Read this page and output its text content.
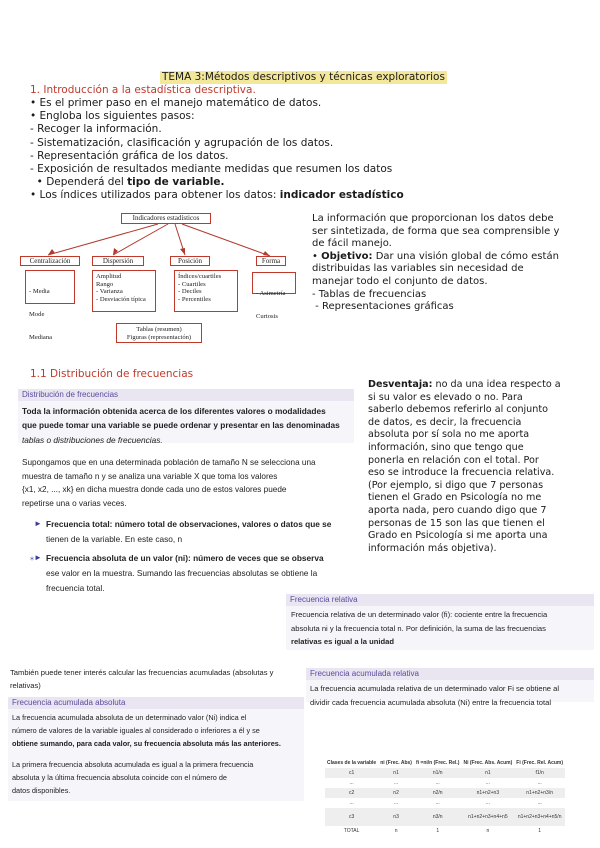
TEMA 3:Métodos descriptivos y técnicas exploratorios
1. Introducción a la estadística descriptiva.
• Es el primer paso en el manejo matemático de datos.
• Engloba los siguientes pasos:
- Recoger la información.
- Sistematización, clasificación y agrupación de los datos.
- Representación gráfica de los datos.
- Exposición de resultados mediante medidas que resumen los datos
• Dependerá del tipo de variable.
• Los índices utilizados para obtener los datos: indicador estadístico
Indicadores estadísticos
Centralización	Dispersión	Posición	Forma

- Media

Mode

Mediana

Amplitud
Rango
- Varianza
- Desviación típica
Índices/cuartiles
- Cuartiles
- Deciles
- Percentiles

- Asimetría

Curtosis

Tablas (resumen)
Figuras (representación)
La información que proporcionan los datos debe
ser sintetizada, de forma que sea comprensible y
de fácil manejo.
• Objetivo: Dar una visión global de cómo están
distribuidas las variables sin necesidad de
manejar todo el conjunto de datos.
- Tablas de frecuencias
- Representaciones gráficas
1.1 Distribución de frecuencias
Distribución de frecuencias
Toda la información obtenida acerca de los diferentes valores o modalidades
que puede tomar una variable se puede ordenar y presentar en las denominadas
tablas o distribuciones de frecuencias.
Supongamos que en una determinada población de tamaño N se selecciona una
muestra de tamaño n y se analiza una variable X que toma los valores
{x1, x2, ..., xk} en dicha muestra donde cada uno de estos valores puede
repetirse una o varias veces.
► Frecuencia total: número total de observaciones, valores o datos que se
tienen de la variable. En este caso, n
⁎► Frecuencia absoluta de un valor (ni): número de veces que se observa
ese valor en la muestra. Sumando las frecuencias absolutas se obtiene la
frecuencia total.
Desventaja: no da una idea respecto a
si su valor es elevado o no. Para
saberlo debemos referirlo al conjunto
de datos, es decir, la frecuencia
absoluta por sí sola no me aporta
información, sino que tengo que
ponerla en relación con el total. Por
eso se introduce la frecuencia relativa.
(Por ejemplo, si digo que 7 personas
tienen el Grado en Psicología no me
aporta nada, pero cuando digo que 7
personas de 15 son las que tienen el
Grado en Psicología si me aporta una
información más objetiva).
Frecuencia relativa
Frecuencia relativa de un determinado valor (fi): cociente entre la frecuencia
absoluta ni y la frecuencia total n. Por definición, la suma de las frecuencias
relativas es igual a la unidad
También puede tener interés calcular las frecuencias acumuladas (absolutas y
relativas)
Frecuencia acumulada relativa
La frecuencia acumulada relativa de un determinado valor Fi se obtiene al
dividir cada frecuencia acumulada absoluta (Ni) entre la frecuencia total
Frecuencia acumulada absoluta
La frecuencia acumulada absoluta de un determinado valor (Ni) indica el
número de valores de la variable iguales al considerado o inferiores a él y se
obtiene sumando, para cada valor, su frecuencia absoluta más las anteriores.
La primera frecuencia absoluta acumulada es igual a la primera frecuencia
absoluta y la última frecuencia absoluta coincide con el número de
datos disponibles.
Clases de la variable	ni (Frec. Abs)	fi =ni/n (Frec. Rel.)	Ni (Frec. Abs. Acum)	Fi (Frec. Rel. Acum)
c1	n1	n1/n	n1	f1/n
...	...	...	...	...
c2	n2	n2/n	n1+n2+n3	n1+n2+n3/n
...	...	...	...	...
c3	n3	n3/n	n1+n2+n3+n4+n5	n1+n2+n3+n4+n5/n
TOTAL	n	1	n	1
